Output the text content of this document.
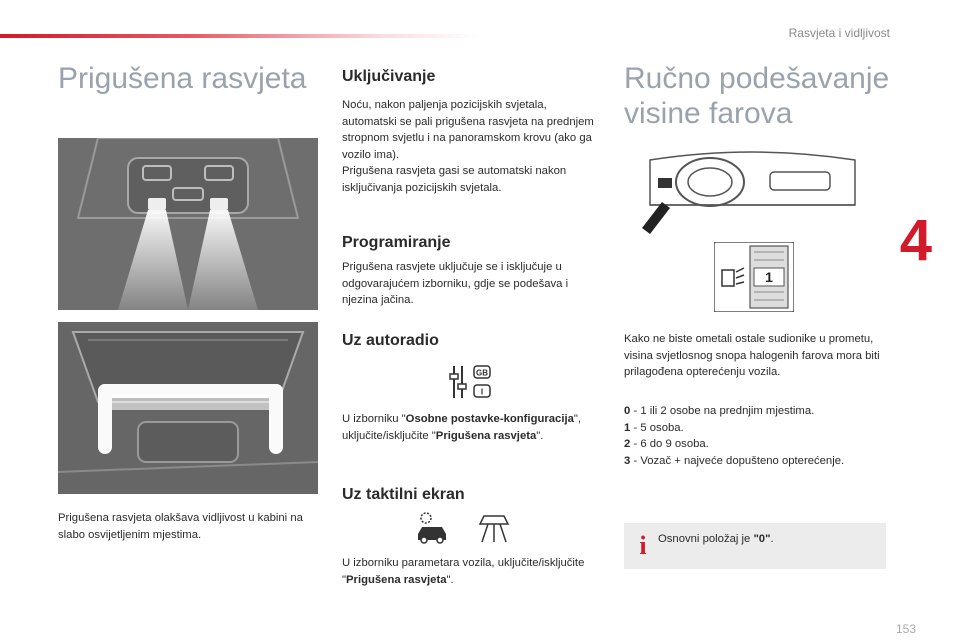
Rasvjeta i vidljivost
4
153
Prigušena rasvjeta

Prigušena rasvjeta olakšava vidljivost u kabini na slabo osvijetljenim mjestima.

Uključivanje

Noću, nakon paljenja pozicijskih svjetala, automatski se pali prigušena rasvjeta na prednjem stropnom svjetlu i na panoramskom krovu (ako ga vozilo ima).
Prigušena rasvjeta gasi se automatski nakon isključivanja pozicijskih svjetala.

Programiranje

Prigušena rasvjete uključuje se i isključuje u odgovarajućem izborniku, gdje se podešava i njezina jačina.

Uz autoradio
GB
I

U izborniku "Osobne postavke-konfiguracija", uključite/isključite "Prigušena rasvjeta".

Uz taktilni ekran

U izborniku parametara vozila, uključite/isključite "Prigušena rasvjeta".

Ručno podešavanje visine farova
1

Kako ne biste ometali ostale sudionike u prometu, visina svjetlosnog snopa halogenih farova mora biti prilagođena opterećenju vozila.

0 - 1 ili 2 osobe na prednjim mjestima.
1 - 5 osoba.
2 - 6 do 9 osoba.
3 - Vozač + najveće dopušteno opterećenje.
i	Osnovni položaj je "0".
